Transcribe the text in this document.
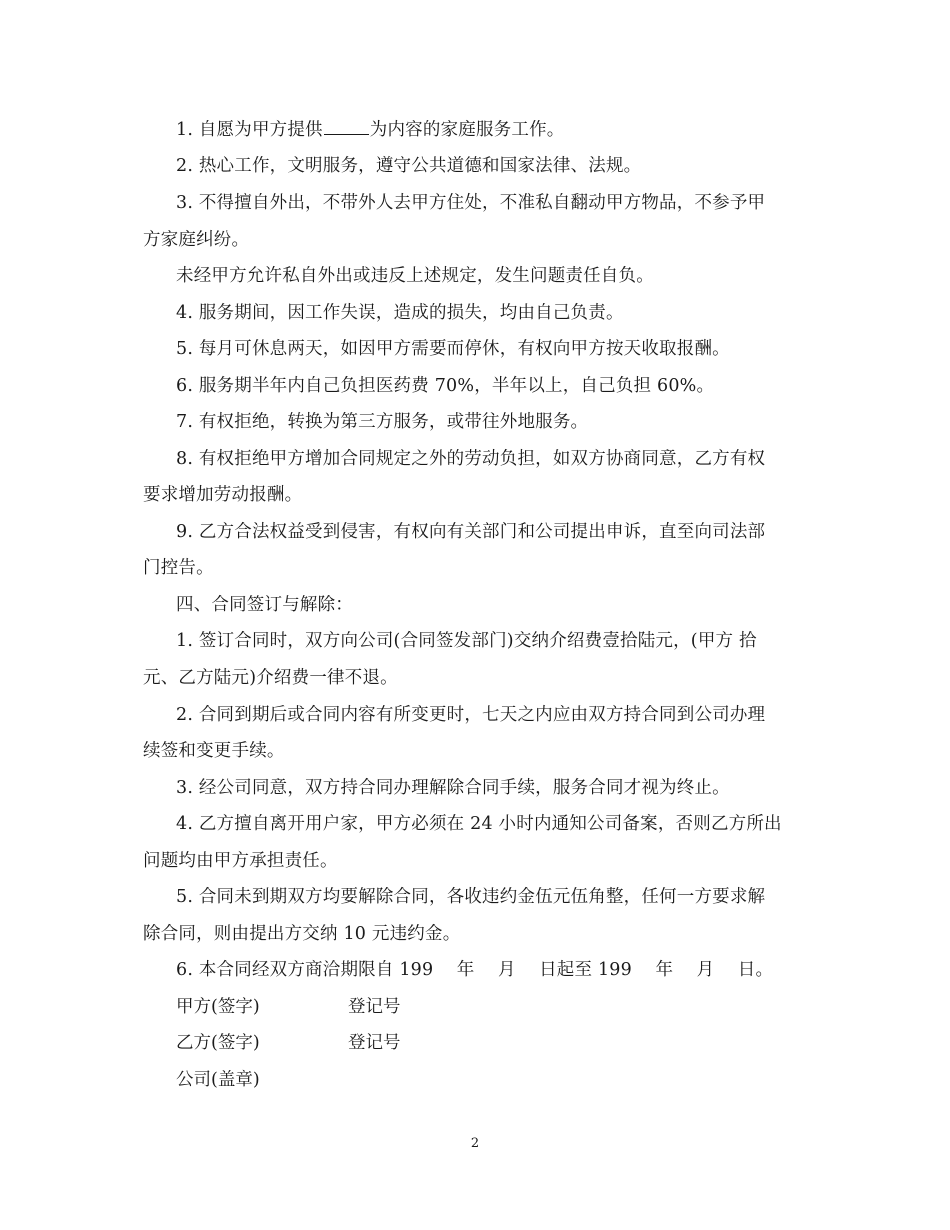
1. 自愿为甲方提供	为内容的家庭服务工作。
2. 热心工作，文明服务，遵守公共道德和国家法律、法规。
3. 不得擅自外出，不带外人去甲方住处，不准私自翻动甲方物品，不参予甲
方家庭纠纷。
未经甲方允许私自外出或违反上述规定，发生问题责任自负。
4. 服务期间，因工作失误，造成的损失，均由自己负责。
5. 每月可休息两天，如因甲方需要而停休，有权向甲方按天收取报酬。
6. 服务期半年内自己负担医药费 70%，半年以上，自己负担 60%。
7. 有权拒绝，转换为第三方服务，或带往外地服务。
8. 有权拒绝甲方增加合同规定之外的劳动负担，如双方协商同意，乙方有权
要求增加劳动报酬。
9. 乙方合法权益受到侵害，有权向有关部门和公司提出申诉，直至向司法部
门控告。
四、合同签订与解除：
1. 签订合同时，双方向公司(合同签发部门)交纳介绍费壹拾陆元，(甲方 拾
元、乙方陆元)介绍费一律不退。
2. 合同到期后或合同内容有所变更时，七天之内应由双方持合同到公司办理
续签和变更手续。
3. 经公司同意，双方持合同办理解除合同手续，服务合同才视为终止。
4. 乙方擅自离开用户家，甲方必须在 24 小时内通知公司备案，否则乙方所出
问题均由甲方承担责任。
5. 合同未到期双方均要解除合同，各收违约金伍元伍角整，任何一方要求解
除合同，则由提出方交纳 10 元违约金。
6. 本合同经双方商洽期限自 199　 年　 月　 日起至 199　 年　 月　 日。
甲方(签字)	登记号
乙方(签字)	登记号
公司(盖章)
2
